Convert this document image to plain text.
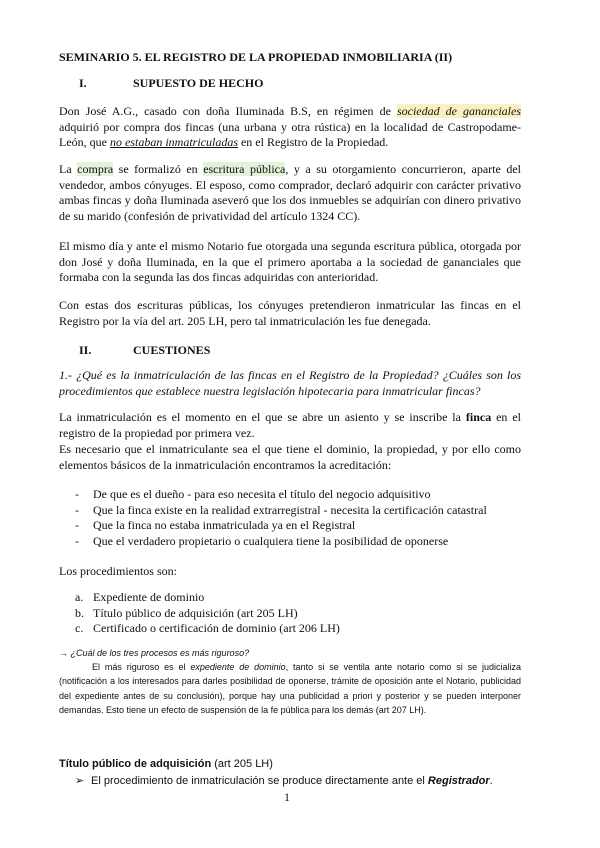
SEMINARIO 5. EL REGISTRO DE LA PROPIEDAD INMOBILIARIA (II)
I.	SUPUESTO DE HECHO
Don José A.G., casado con doña Iluminada B.S, en régimen de sociedad de gananciales adquirió por compra dos fincas (una urbana y otra rústica) en la localidad de Castropodame-León, que no estaban inmatriculadas en el Registro de la Propiedad.
La compra se formalizó en escritura pública, y a su otorgamiento concurrieron, aparte del vendedor, ambos cónyuges. El esposo, como comprador, declaró adquirir con carácter privativo ambas fincas y doña Iluminada aseveró que los dos inmuebles se adquirían con dinero privativo de su marido (confesión de privatividad del artículo 1324 CC).
El mismo día y ante el mismo Notario fue otorgada una segunda escritura pública, otorgada por don José y doña Iluminada, en la que el primero aportaba a la sociedad de gananciales que formaba con la segunda las dos fincas adquiridas con anterioridad.
Con estas dos escrituras públicas, los cónyuges pretendieron inmatricular las fincas en el Registro por la vía del art. 205 LH, pero tal inmatriculación les fue denegada.
II.	CUESTIONES
1.- ¿Qué es la inmatriculación de las fincas en el Registro de la Propiedad? ¿Cuáles son los procedimientos que establece nuestra legislación hipotecaria para inmatricular fincas?
La inmatriculación es el momento en el que se abre un asiento y se inscribe la finca en el registro de la propiedad por primera vez.
Es necesario que el inmatriculante sea el que tiene el dominio, la propiedad, y por ello como elementos básicos de la inmatriculación encontramos la acreditación:
- De que es el dueño - para eso necesita el título del negocio adquisitivo
- Que la finca existe en la realidad extrarregistral - necesita la certificación catastral
- Que la finca no estaba inmatriculada ya en el Registral
- Que el verdadero propietario o cualquiera tiene la posibilidad de oponerse
Los procedimientos son:
a. Expediente de dominio
b. Título público de adquisición (art 205 LH)
c. Certificado o certificación de dominio (art 206 LH)
→ ¿Cuál de los tres procesos es más riguroso?
El más riguroso es el expediente de dominio, tanto si se ventila ante notario como si se judicializa (notificación a los interesados para darles posibilidad de oponerse, trámite de oposición ante el Notario, publicidad del expediente antes de su conclusión), porque hay una publicidad a priori y posterior y se pueden interponer demandas. Esto tiene un efecto de suspensión de la fe pública para los demás (art 207 LH).
Título público de adquisición (art 205 LH)
➢ El procedimiento de inmatriculación se produce directamente ante el Registrador.
1
